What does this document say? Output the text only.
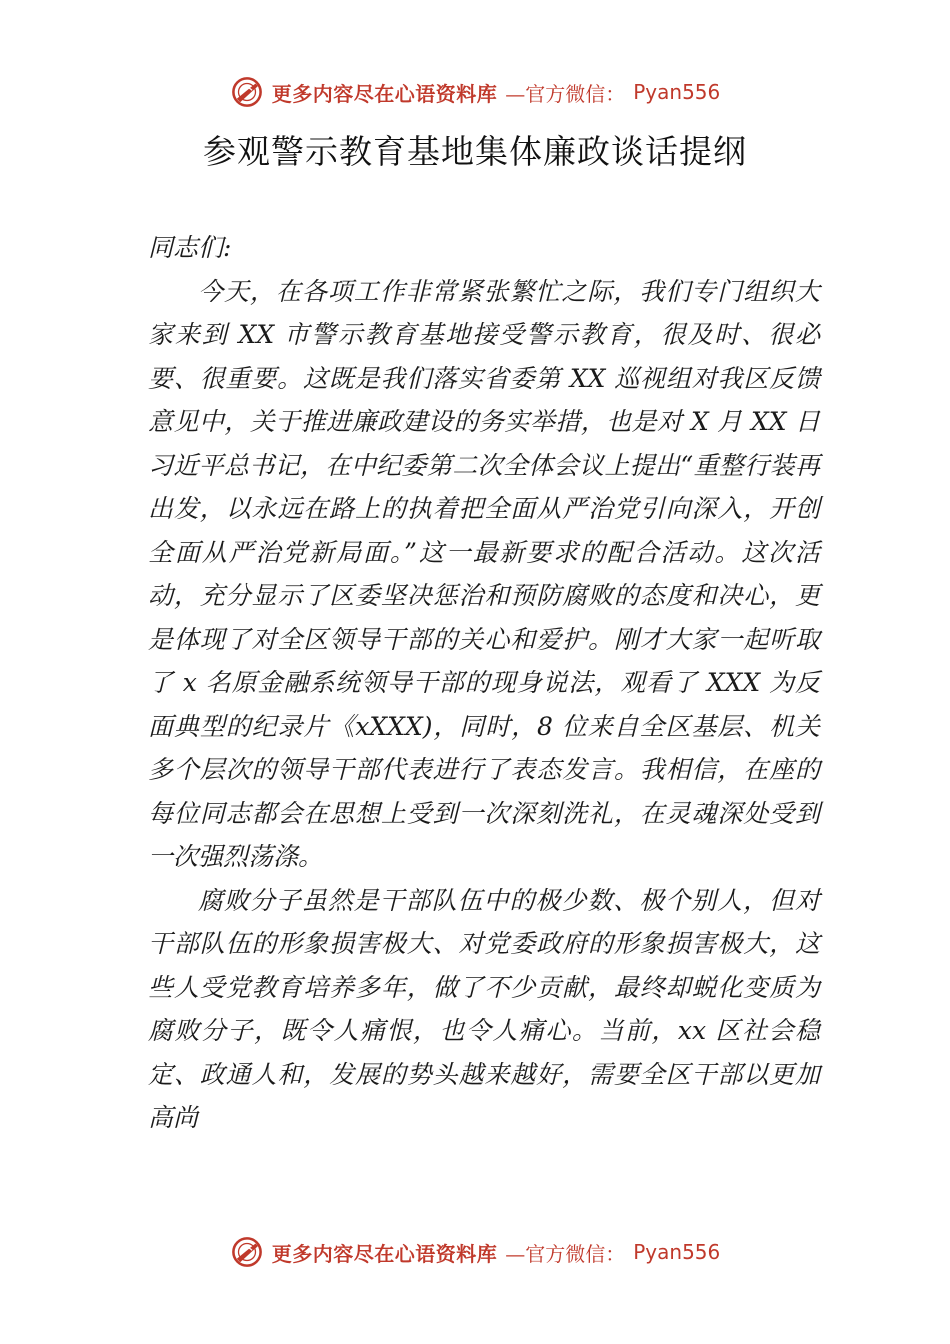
更多内容尽在心语资料库 —官方微信： Pyan556
参观警示教育基地集体廉政谈话提纲

同志们:

今天，在各项工作非常紧张繁忙之际，我们专门组织大家来到 XX 市警示教育基地接受警示教育，很及时、很必要、很重要。这既是我们落实省委第 XX 巡视组对我区反馈意见中，关于推进廉政建设的务实举措，也是对 X 月 XX 日习近平总书记，在中纪委第二次全体会议上提出“重整行装再出发，以永远在路上的执着把全面从严治党引向深入，开创全面从严治党新局面。”这一最新要求的配合活动。这次活动，充分显示了区委坚决惩治和预防腐败的态度和决心，更是体现了对全区领导干部的关心和爱护。刚才大家一起听取了 x 名原金融系统领导干部的现身说法，观看了 XXX 为反面典型的纪录片《xXXX)，同时，8 位来自全区基层、机关多个层次的领导干部代表进行了表态发言。我相信，在座的每位同志都会在思想上受到一次深刻洗礼，在灵魂深处受到一次强烈荡涤。

腐败分子虽然是干部队伍中的极少数、极个别人，但对干部队伍的形象损害极大、对党委政府的形象损害极大，这些人受党教育培养多年，做了不少贡献，最终却蜕化变质为腐败分子，既令人痛恨，也令人痛心。当前，xx 区社会稳定、政通人和，发展的势头越来越好，需要全区干部以更加高尚

更多内容尽在心语资料库 —官方微信： Pyan556
